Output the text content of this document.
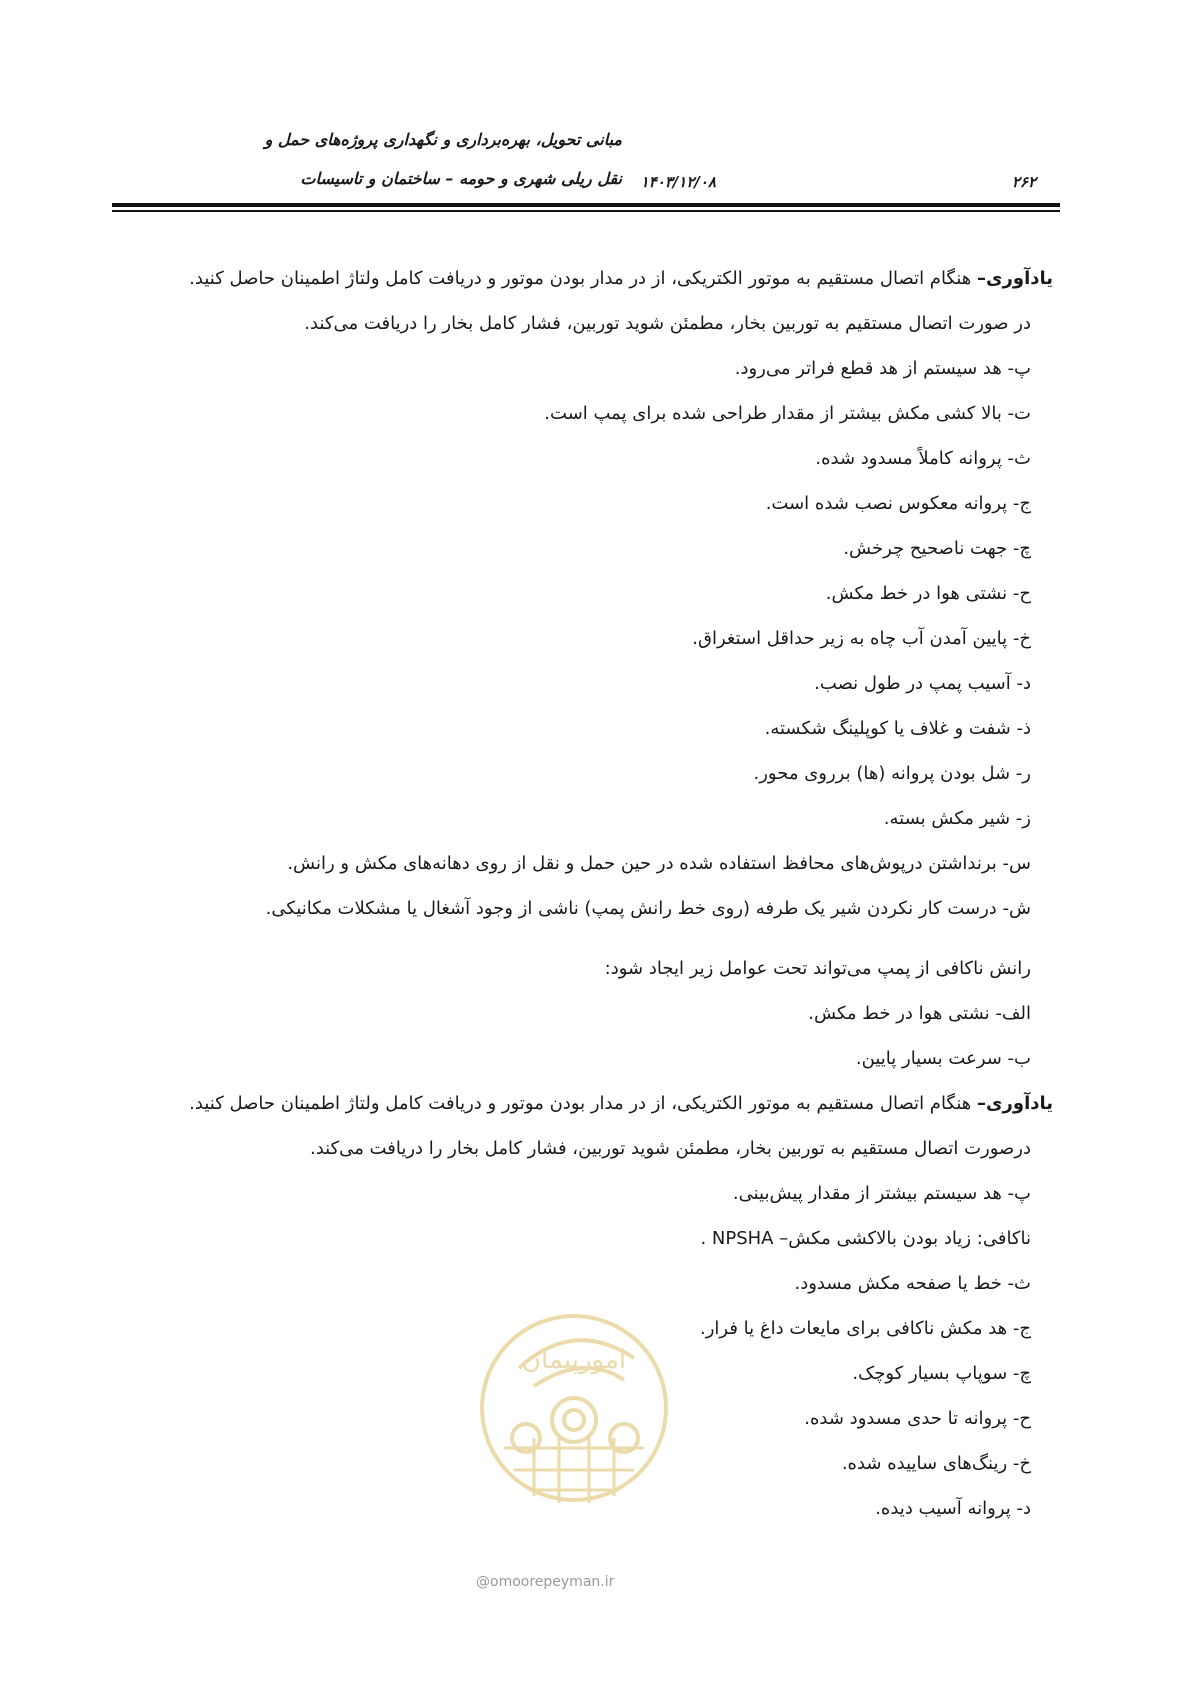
مبانی تحویل، بهره‌برداری و نگهداری پروژه‌های حمل و
نقل ریلی شهری و حومه – ساختمان و تاسیسات ۱۴۰۳/۱۲/۰۸	۲۶۲
یادآوری– هنگام اتصال مستقیم به موتور الکتریکی، از در مدار بودن موتور و دریافت کامل ولتاژ اطمینان حاصل کنید.
در صورت اتصال مستقیم به توربین بخار، مطمئن شوید توربین، فشار کامل بخار را دریافت می‌کند.
پ- هد سیستم از هد قطع فراتر می‌رود.
ت- بالا کشی مکش بیشتر از مقدار طراحی شده برای پمپ است.
ث- پروانه کاملاً مسدود شده.
ج- پروانه معکوس نصب شده است.
چ- جهت ناصحیح چرخش.
ح- نشتی هوا در خط مکش.
خ- پایین آمدن آب چاه به زیر حداقل استغراق.
د- آسیب پمپ در طول نصب.
ذ- شفت و غلاف یا کوپلینگ شکسته.
ر- شل بودن پروانه (ها) برروی محور.
ز- شیر مکش بسته.
س- برنداشتن درپوش‌های محافظ استفاده شده در حین حمل و نقل از روی دهانه‌های مکش و رانش.
ش- درست کار نکردن شیر یک طرفه (روی خط رانش پمپ) ناشی از وجود آشغال یا مشکلات مکانیکی.
رانش ناکافی از پمپ می‌تواند تحت عوامل زیر ایجاد شود:
الف- نشتی هوا در خط مکش.
ب- سرعت بسیار پایین.
یادآوری– هنگام اتصال مستقیم به موتور الکتریکی، از در مدار بودن موتور و دریافت کامل ولتاژ اطمینان حاصل کنید.
درصورت اتصال مستقیم به توربین بخار، مطمئن شوید توربین، فشار کامل بخار را دریافت می‌کند.
پ- هد سیستم بیشتر از مقدار پیش‌بینی.
ناکافی: زیاد بودن بالاکشی مکش– NPSHA .
ث- خط یا صفحه مکش مسدود.
ج- هد مکش ناکافی برای مایعات داغ یا فرار.
چ- سوپاپ بسیار کوچک.
ح- پروانه تا حدی مسدود شده.
خ- رینگ‌های ساییده شده.
د- پروانه آسیب دیده.
امورپیمان
@omoorepeyman.ir
